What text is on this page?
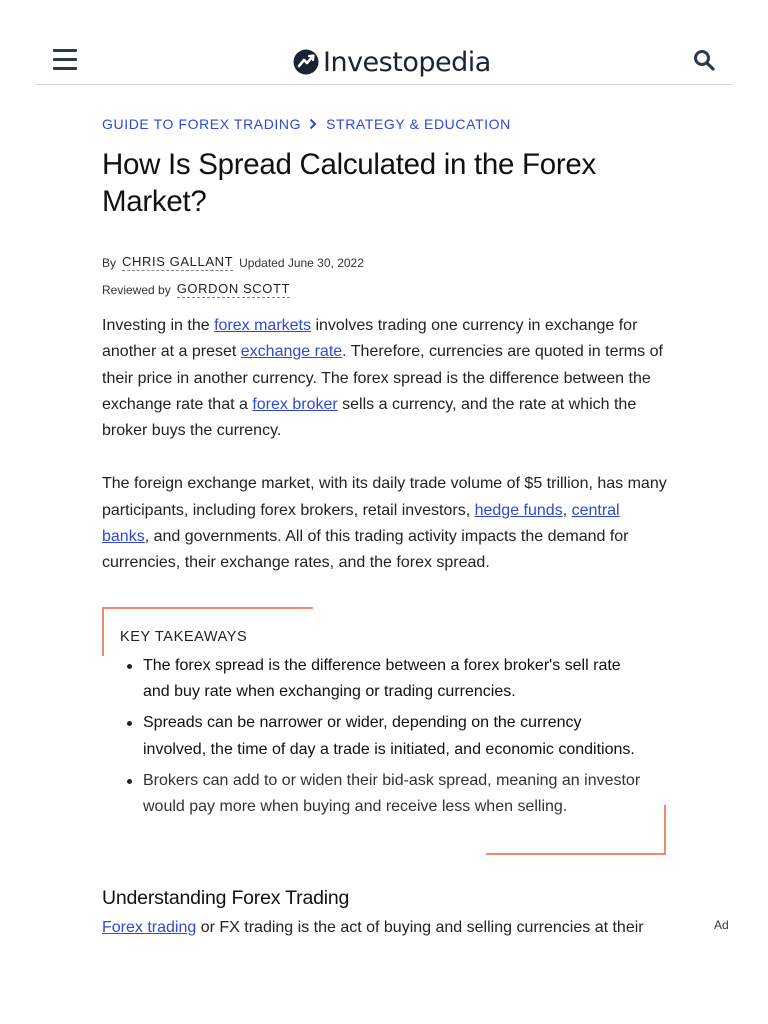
Investopedia
GUIDE TO FOREX TRADING STRATEGY & EDUCATION
How Is Spread Calculated in the Forex Market?
By CHRIS GALLANT Updated June 30, 2022
Reviewed by GORDON SCOTT

Investing in the forex markets involves trading one currency in exchange for another at a preset exchange rate. Therefore, currencies are quoted in terms of their price in another currency. The forex spread is the difference between the exchange rate that a forex broker sells a currency, and the rate at which the broker buys the currency.

The foreign exchange market, with its daily trade volume of $5 trillion, has many participants, including forex brokers, retail investors, hedge funds, central banks, and governments. All of this trading activity impacts the demand for currencies, their exchange rates, and the forex spread.

KEY TAKEAWAYS
The forex spread is the difference between a forex broker's sell rate and buy rate when exchanging or trading currencies.
Spreads can be narrower or wider, depending on the currency involved, the time of day a trade is initiated, and economic conditions.
Brokers can add to or widen their bid-ask spread, meaning an investor would pay more when buying and receive less when selling.
Understanding Forex Trading

Forex trading or FX trading is the act of buying and selling currencies at their	Ad
